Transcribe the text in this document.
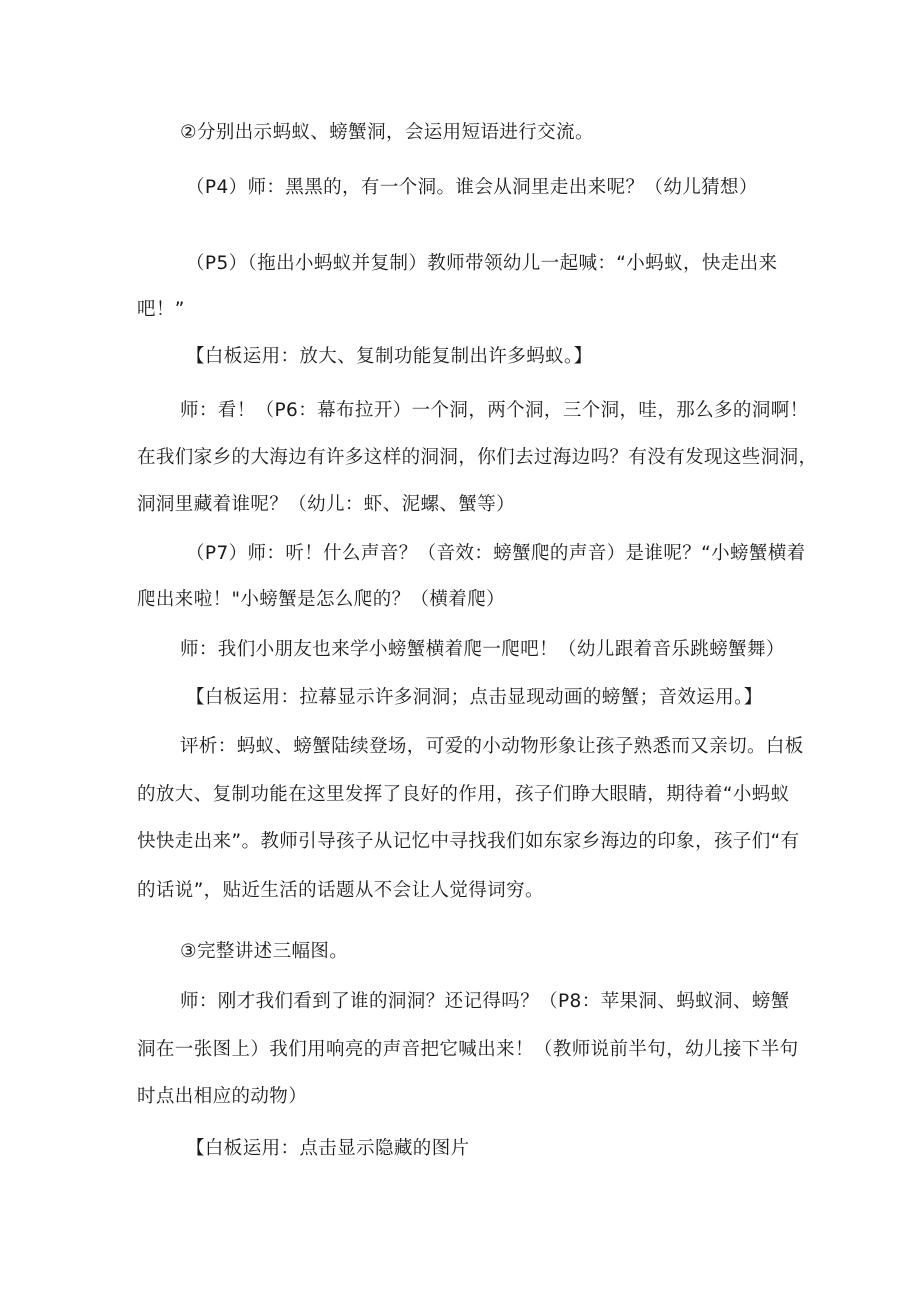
②分别出示蚂蚁、螃蟹洞，会运用短语进行交流。
（P4）师：黑黑的，有一个洞。谁会从洞里走出来呢？（幼儿猜想）
（P5）（拖出小蚂蚁并复制）教师带领幼儿一起喊：“小蚂蚁，快走出来
吧！”
【白板运用：放大、复制功能复制出许多蚂蚁。】
师：看！（P6：幕布拉开）一个洞，两个洞，三个洞，哇，那么多的洞啊！
在我们家乡的大海边有许多这样的洞洞，你们去过海边吗？有没有发现这些洞洞，
洞洞里藏着谁呢？（幼儿：虾、泥螺、蟹等）
（P7）师：听！什么声音？（音效：螃蟹爬的声音）是谁呢？“小螃蟹横着
爬出来啦！"小螃蟹是怎么爬的？（横着爬）
师：我们小朋友也来学小螃蟹横着爬一爬吧！（幼儿跟着音乐跳螃蟹舞）
【白板运用：拉幕显示许多洞洞；点击显现动画的螃蟹；音效运用。】
评析：蚂蚁、螃蟹陆续登场，可爱的小动物形象让孩子熟悉而又亲切。白板
的放大、复制功能在这里发挥了良好的作用，孩子们睁大眼睛，期待着“小蚂蚁
快快走出来”。教师引导孩子从记忆中寻找我们如东家乡海边的印象，孩子们“有
的话说”，贴近生活的话题从不会让人觉得词穷。
③完整讲述三幅图。
师：刚才我们看到了谁的洞洞？还记得吗？（P8：苹果洞、蚂蚁洞、螃蟹
洞在一张图上）我们用响亮的声音把它喊出来！（教师说前半句，幼儿接下半句
时点出相应的动物）
【白板运用：点击显示隐藏的图片
